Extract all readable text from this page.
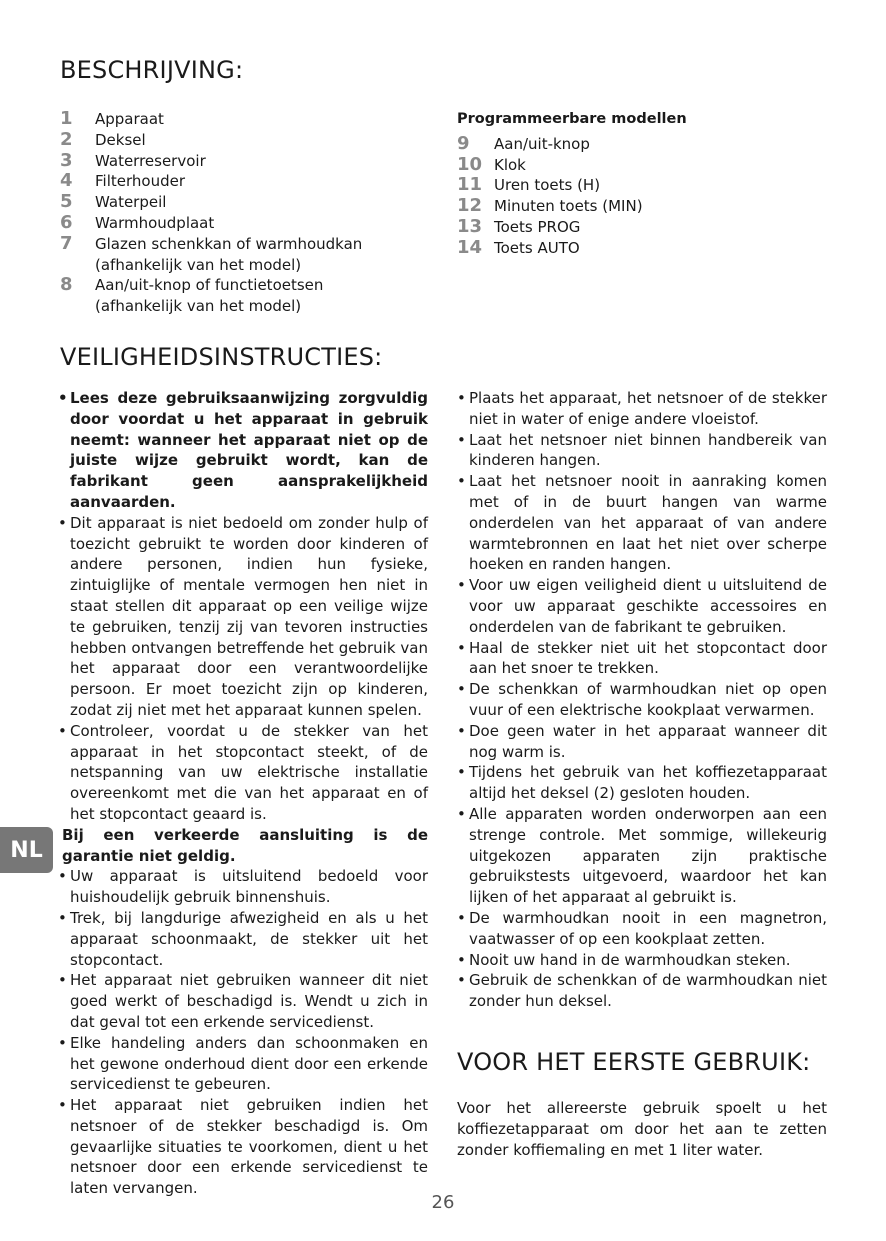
BESCHRIJVING:
1	Apparaat
2	Deksel
3	Waterreservoir
4	Filterhouder
5	Waterpeil
6	Warmhoudplaat
7	Glazen schenkkan of warmhoudkan
(afhankelijk van het model)
8	Aan/uit-knop of functietoetsen
(afhankelijk van het model)
Programmeerbare modellen
9	Aan/uit-knop
10 Klok
11 Uren toets (H)
12 Minuten toets (MIN)
13 Toets PROG
14 Toets AUTO
VEILIGHEIDSINSTRUCTIES:
• Lees deze gebruiksaanwijzing zorgvuldig door voordat u het apparaat in gebruik neemt: wanneer het apparaat niet op de juiste wijze gebruikt wordt, kan de fabrikant geen aansprakelijkheid aanvaarden.
• Dit apparaat is niet bedoeld om zonder hulp of toezicht gebruikt te worden door kinderen of andere personen, indien hun fysieke, zintuiglijke of mentale vermogen hen niet in staat stellen dit apparaat op een veilige wijze te gebruiken, tenzij zij van tevoren instructies hebben ontvangen betreffende het gebruik van het apparaat door een verantwoordelijke persoon. Er moet toezicht zijn op kinderen, zodat zij niet met het apparaat kunnen spelen.
• Controleer, voordat u de stekker van het apparaat in het stopcontact steekt, of de netspanning van uw elektrische installatie overeenkomt met die van het apparaat en of het stopcontact geaard is.
Bij een verkeerde aansluiting is de garantie niet geldig.
• Uw apparaat is uitsluitend bedoeld voor huishoudelijk gebruik binnenshuis.
• Trek, bij langdurige afwezigheid en als u het apparaat schoonmaakt, de stekker uit het stopcontact.
• Het apparaat niet gebruiken wanneer dit niet goed werkt of beschadigd is. Wendt u zich in dat geval tot een erkende servicedienst.
• Elke handeling anders dan schoonmaken en het gewone onderhoud dient door een erkende servicedienst te gebeuren.
• Het apparaat niet gebruiken indien het netsnoer of de stekker beschadigd is. Om gevaarlijke situaties te voorkomen, dient u het netsnoer door een erkende servicedienst te laten vervangen.
• Plaats het apparaat, het netsnoer of de stekker niet in water of enige andere vloeistof.
• Laat het netsnoer niet binnen handbereik van kinderen hangen.
• Laat het netsnoer nooit in aanraking komen met of in de buurt hangen van warme onderdelen van het apparaat of van andere warmtebronnen en laat het niet over scherpe hoeken en randen hangen.
• Voor uw eigen veiligheid dient u uitsluitend de voor uw apparaat geschikte accessoires en onderdelen van de fabrikant te gebruiken.
• Haal de stekker niet uit het stopcontact door aan het snoer te trekken.
• De schenkkan of warmhoudkan niet op open vuur of een elektrische kookplaat verwarmen.
• Doe geen water in het apparaat wanneer dit nog warm is.
• Tijdens het gebruik van het koffiezetapparaat altijd het deksel (2) gesloten houden.
• Alle apparaten worden onderworpen aan een strenge controle. Met sommige, willekeurig uitgekozen apparaten zijn praktische gebruikstests uitgevoerd, waardoor het kan lijken of het apparaat al gebruikt is.
• De warmhoudkan nooit in een magnetron, vaatwasser of op een kookplaat zetten.
• Nooit uw hand in de warmhoudkan steken.
• Gebruik de schenkkan of de warmhoudkan niet zonder hun deksel.
VOOR HET EERSTE GEBRUIK:
Voor het allereerste gebruik spoelt u het koffiezetapparaat om door het aan te zetten zonder koffiemaling en met 1 liter water.
NL
26
